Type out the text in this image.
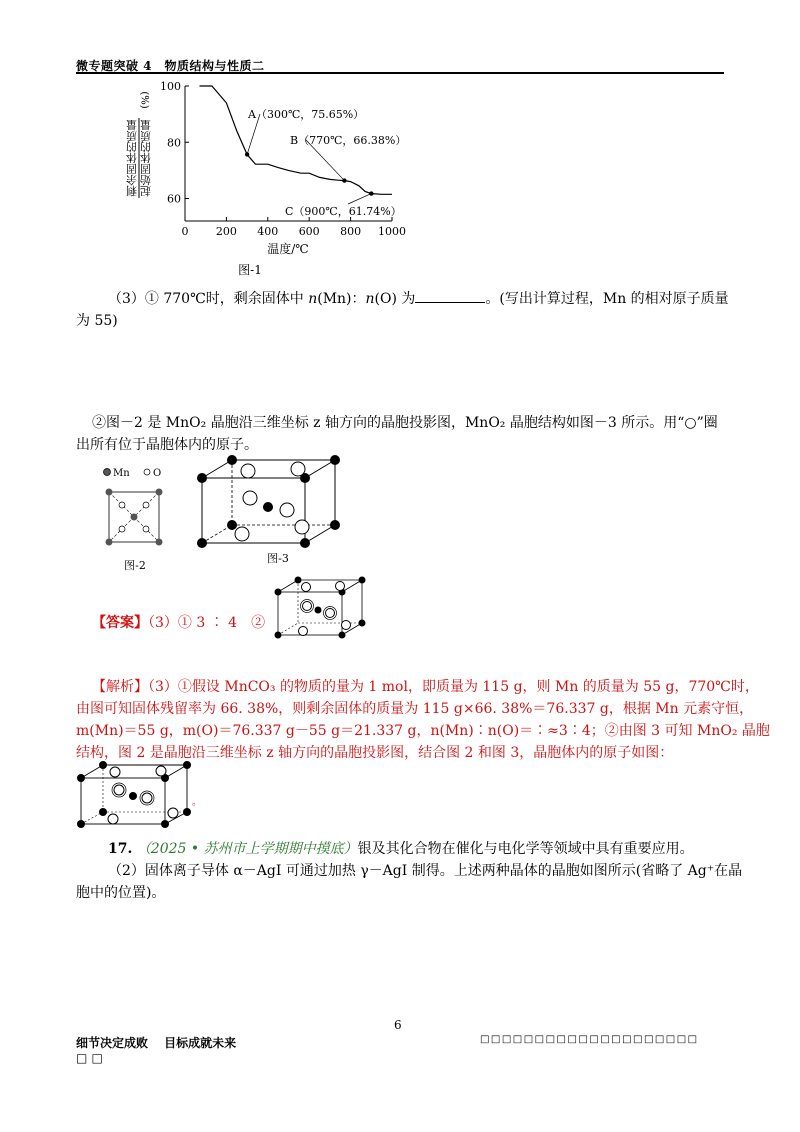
微专题突破 4　物质结构与性质二
剩余固体的质量 起始固体的质量
(%)
0 200 400 600 800 1000
100
80
60
A（300℃，75.65%）
B（770℃，66.38%）
C（900℃，61.74%）
温度/℃
图-1
（3）① 770℃时，剩余固体中 n(Mn)：n(O) 为	。(写出计算过程，Mn 的相对原子质量
为 55)
②图－2 是 MnO₂ 晶胞沿三维坐标 z 轴方向的晶胞投影图，MnO₂ 晶胞结构如图－3 所示。用“○”圈
出所有位于晶胞体内的原子。
Mn O
图-2
图-3
【答案】（3）① 3 ∶ 4　②
【解析】（3）①假设 MnCO₃ 的物质的量为 1 mol，即质量为 115 g，则 Mn 的质量为 55 g，770℃时，
由图可知固体残留率为 66. 38%，则剩余固体的质量为 115 g×66. 38%＝76.337 g，根据 Mn 元素守恒，
m(Mn)＝55 g，m(O)＝76.337 g－55 g＝21.337 g，n(Mn)∶n(O)＝∶≈3∶4；②由图 3 可知 MnO₂ 晶胞
结构，图 2 是晶胞沿三维坐标 z 轴方向的晶胞投影图，结合图 2 和图 3，晶胞体内的原子如图：
。
17. （2025 • 苏州市上学期期中摸底）银及其化合物在催化与电化学等领域中具有重要应用。
（2）固体离子导体 α－AgI 可通过加热 γ－AgI 制得。上述两种晶体的晶胞如图所示(省略了 Ag⁺在晶
胞中的位置)。
6
细节决定成败　 目标成就未来
□ □
□ □ □ □ □ □ □ □ □ □ □ □ □ □ □ □ □ □ □ □
